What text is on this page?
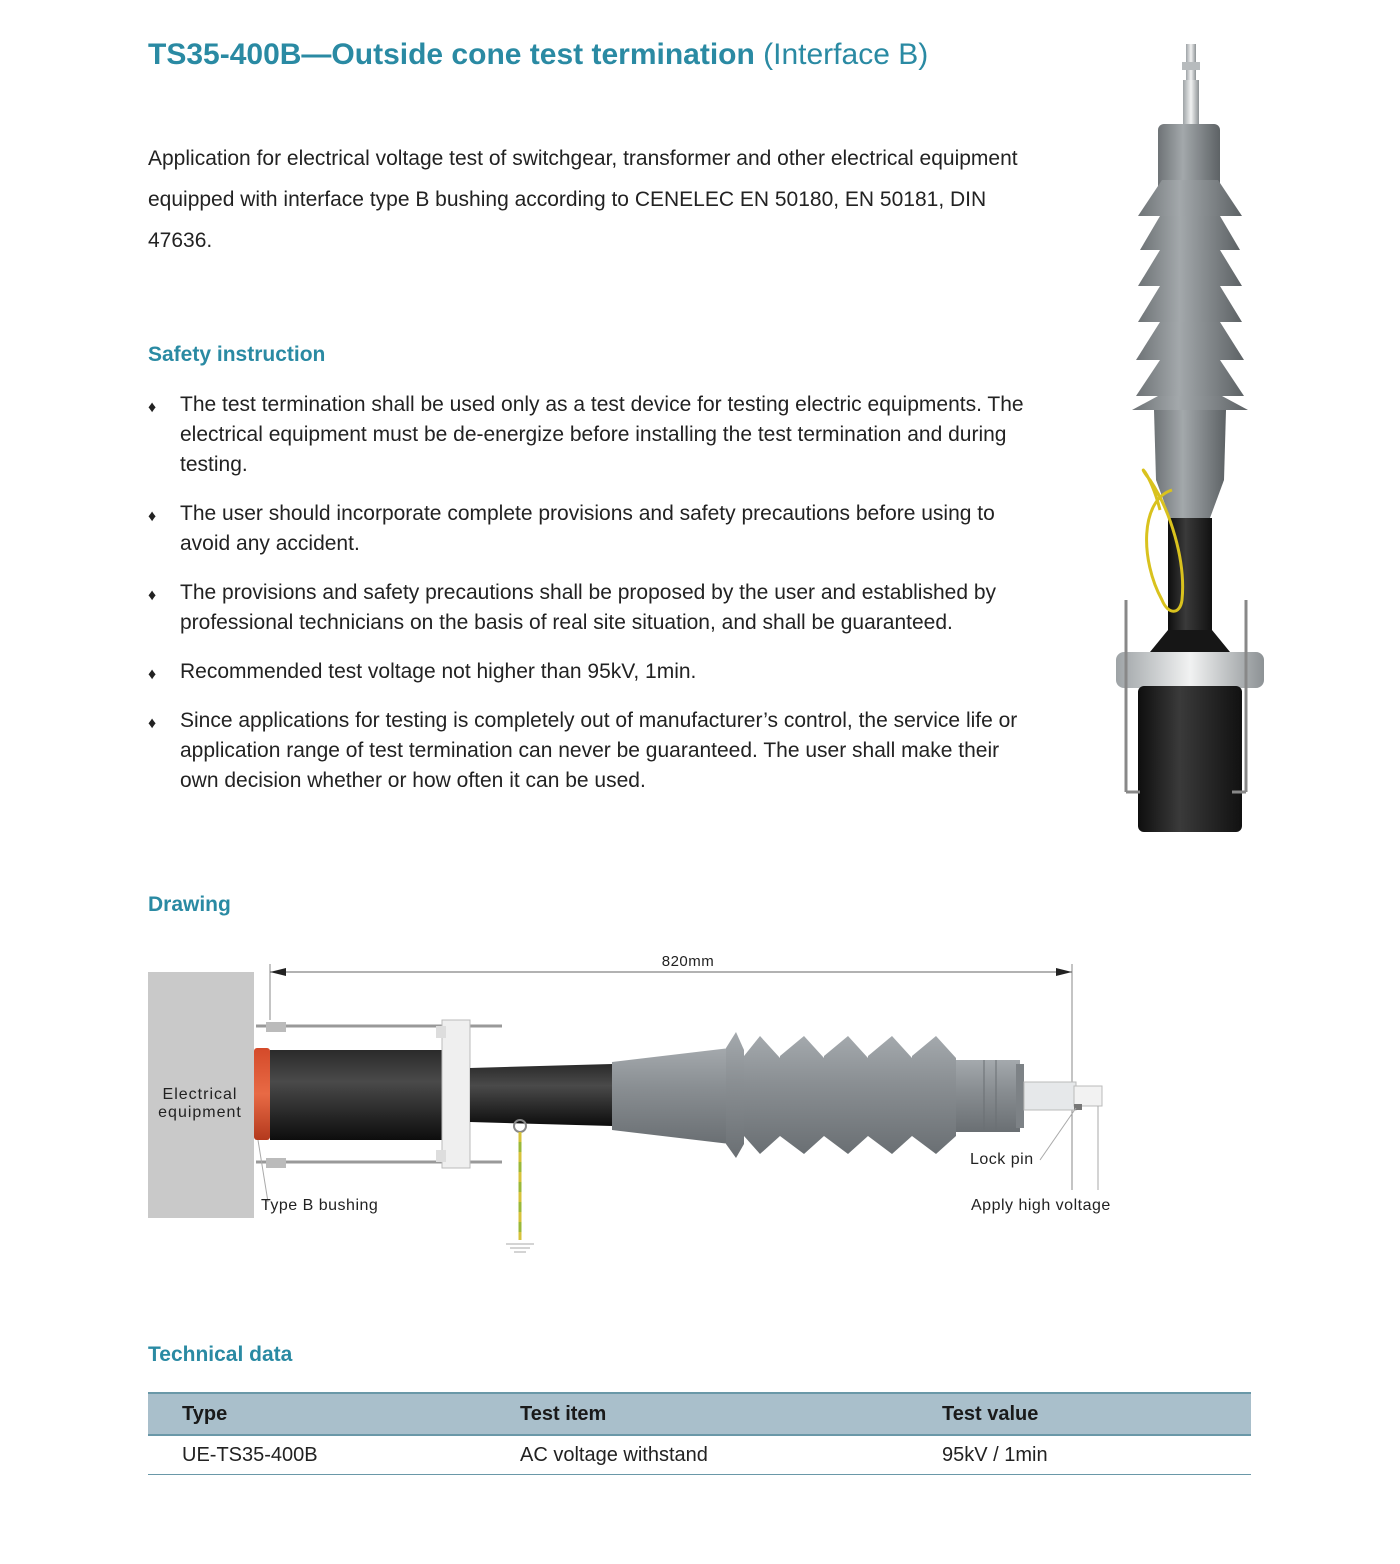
TS35-400B—Outside cone test termination (Interface B)
Application for electrical voltage test of switchgear, transformer and other electrical equipment equipped with interface type B bushing according to CENELEC EN 50180, EN 50181, DIN 47636.
Safety instruction
♦ The test termination shall be used only as a test device for testing electric equipments. The electrical equipment must be de-energize before installing the test termination and during testing.
♦ The user should incorporate complete provisions and safety precautions before using to avoid any accident.
♦ The provisions and safety precautions shall be proposed by the user and established by professional technicians on the basis of real site situation, and shall be guaranteed.
♦ Recommended test voltage not higher than 95kV, 1min.
♦ Since applications for testing is completely out of manufacturer’s control, the service life or application range of test termination can never be guaranteed. The user shall make their own decision whether or how often it can be used.
Drawing
Electrical
equipment
820mm
Lock pin
Apply high voltage
Type B bushing
Technical data
Type	Test item	Test value
UE-TS35-400B	AC voltage withstand	95kV / 1min
